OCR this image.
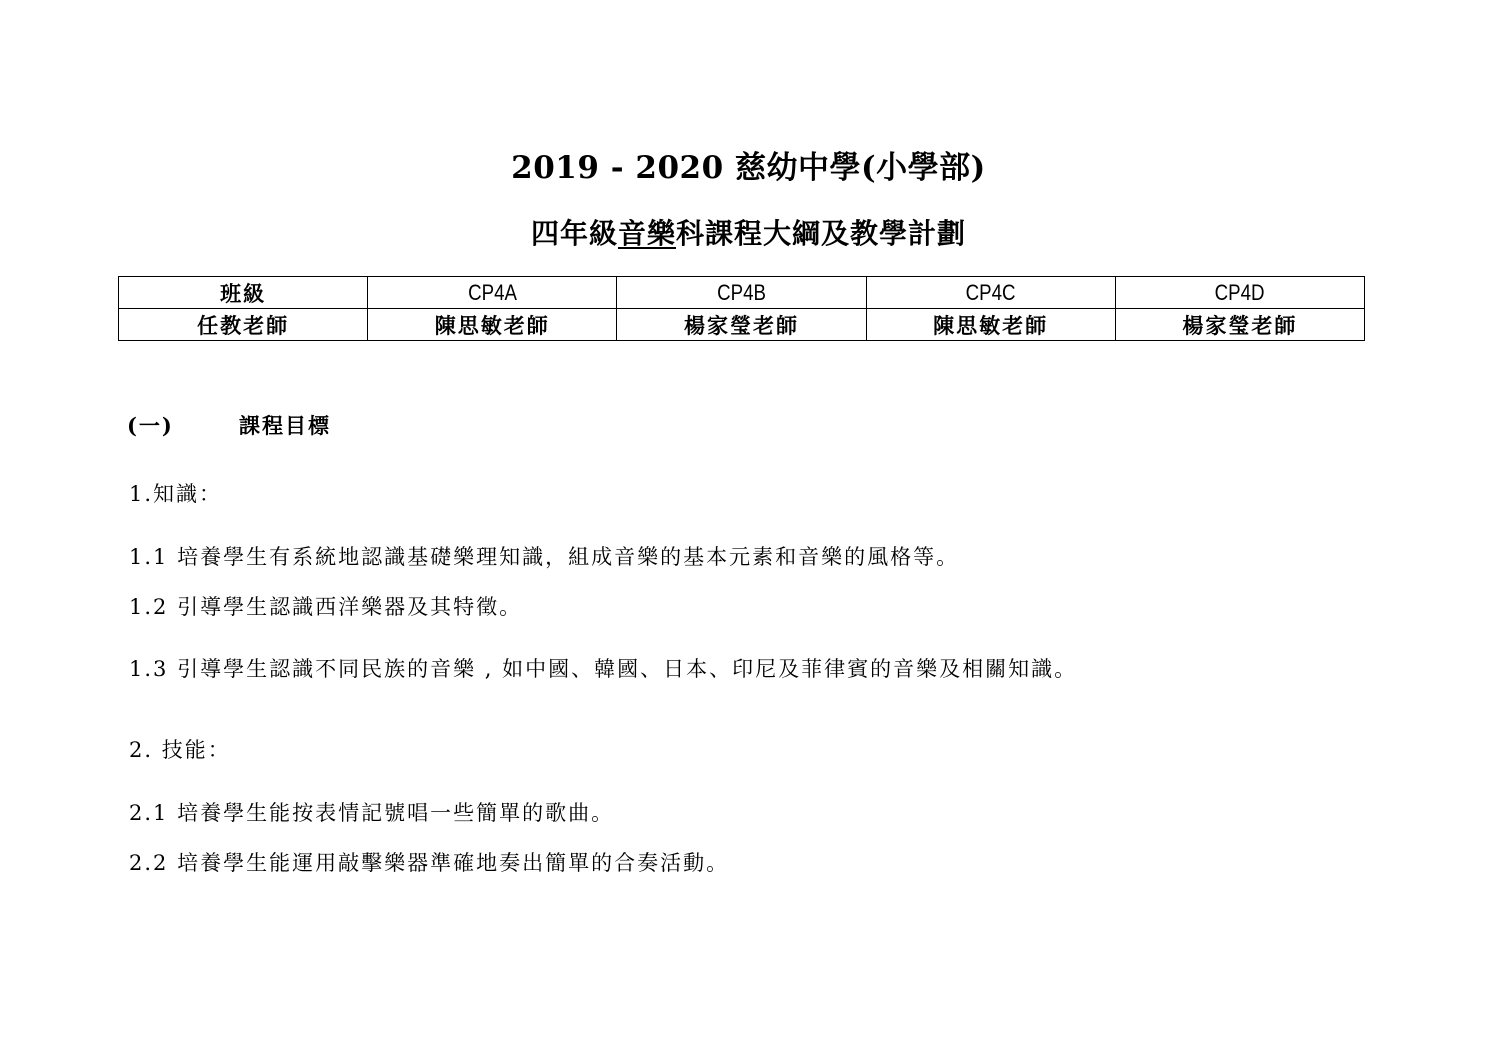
2019 - 2020 慈幼中學(小學部)
四年級音樂科課程大綱及教學計劃
班級	CP4A	CP4B	CP4C	CP4D
任教老師	陳思敏老師	楊家瑩老師	陳思敏老師	楊家瑩老師
(一)	課程目標
1.知識：
1.1 培養學生有系統地認識基礎樂理知識，組成音樂的基本元素和音樂的風格等。
1.2 引導學生認識西洋樂器及其特徵。
1.3 引導學生認識不同民族的音樂 , 如中國、韓國、日本、印尼及菲律賓的音樂及相關知識。
2. 技能：
2.1 培養學生能按表情記號唱一些簡單的歌曲。
2.2 培養學生能運用敲擊樂器準確地奏出簡單的合奏活動。
